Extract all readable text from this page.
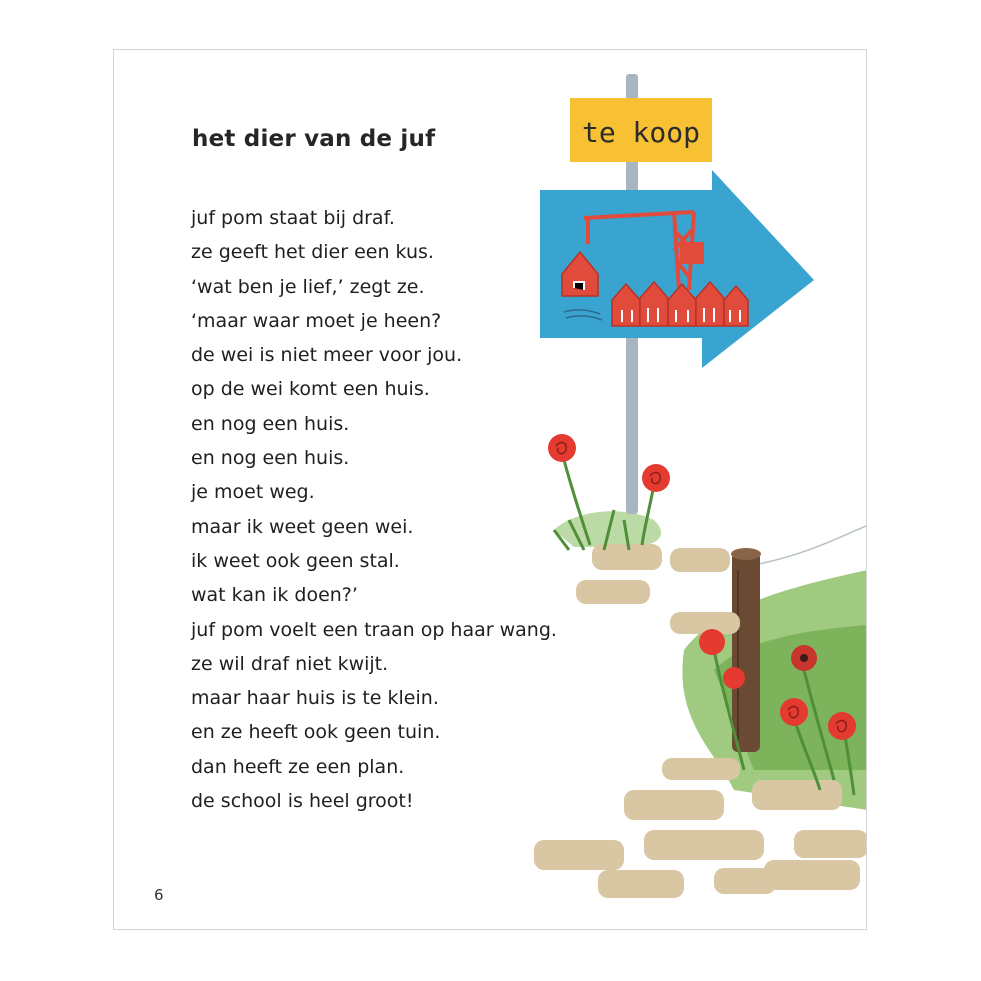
te koop
het dier van de juf
juf pom staat bij draf.
ze geeft het dier een kus.
‘wat ben je lief,’ zegt ze.
‘maar waar moet je heen?
de wei is niet meer voor jou.
op de wei komt een huis.
en nog een huis.
en nog een huis.
je moet weg.
maar ik weet geen wei.
ik weet ook geen stal.
wat kan ik doen?’
juf pom voelt een traan op haar wang.
ze wil draf niet kwijt.
maar haar huis is te klein.
en ze heeft ook geen tuin.
dan heeft ze een plan.
de school is heel groot!
6
